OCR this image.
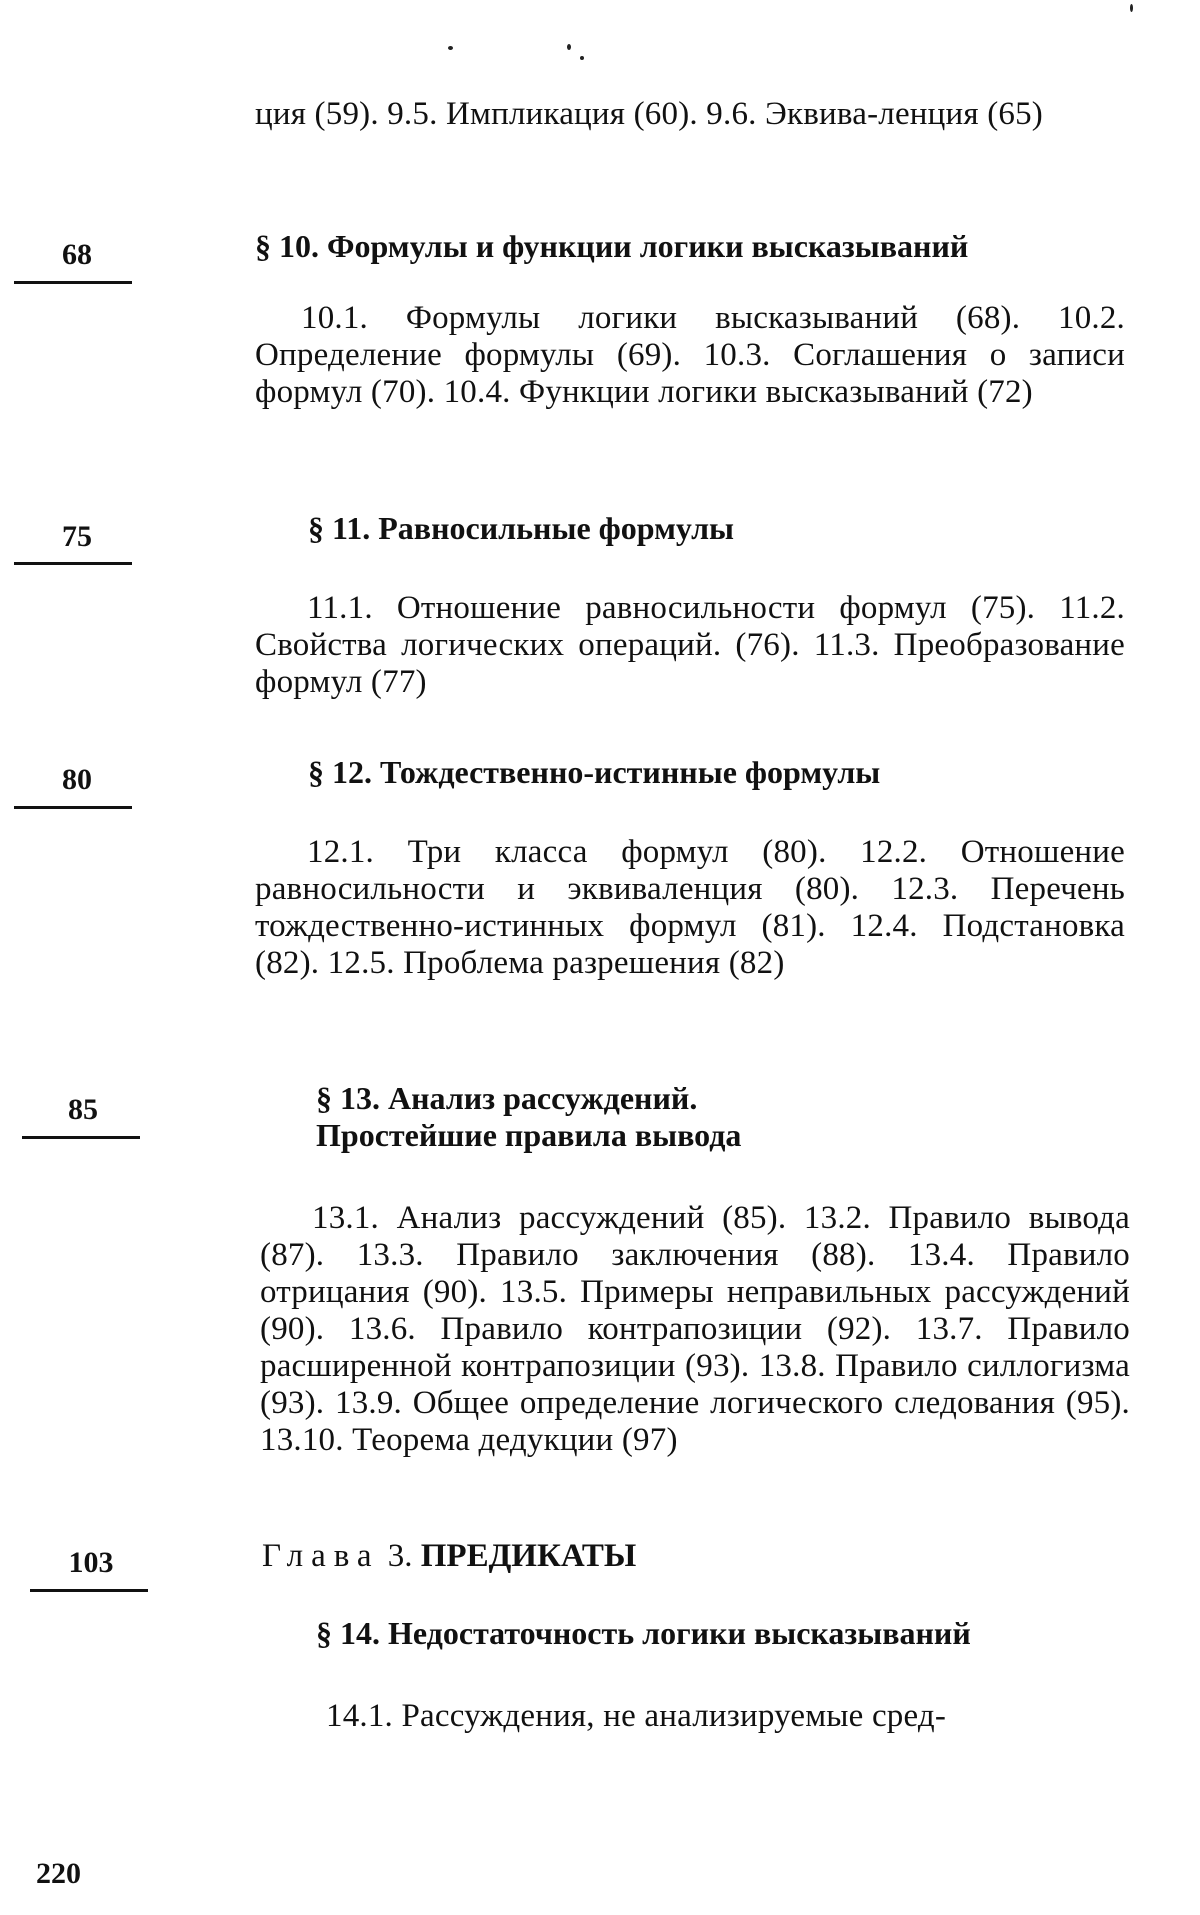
ция (59). 9.5. Импликация (60). 9.6. Эквива-ленция (65)
68	§ 10. Формулы и функции логики высказываний
10.1. Формулы логики высказываний (68). 10.2. Определение формулы (69). 10.3. Соглашения о записи формул (70). 10.4. Функции логики высказываний (72)
75	§ 11. Равносильные формулы
11.1. Отношение равносильности формул (75). 11.2. Свойства логических операций. (76). 11.3. Преобразование формул (77)
80	§ 12. Тождественно-истинные формулы
12.1. Три класса формул (80). 12.2. Отношение равносильности и эквиваленция (80). 12.3. Перечень тождественно-истинных формул (81). 12.4. Подстановка (82). 12.5. Проблема разрешения (82)
85	§ 13. Анализ рассуждений.
Простейшие правила вывода
13.1. Анализ рассуждений (85). 13.2. Правило вывода (87). 13.3. Правило заключения (88). 13.4. Правило отрицания (90). 13.5. Примеры неправильных рассуждений (90). 13.6. Правило контрапозиции (92). 13.7. Правило расширенной контрапозиции (93). 13.8. Правило силлогизма (93). 13.9. Общее определение логического следования (95). 13.10. Теорема дедукции (97)
103	Глава 3. ПРЕДИКАТЫ
§ 14. Недостаточность логики высказываний
14.1. Рассуждения, не анализируемые сред-
220
